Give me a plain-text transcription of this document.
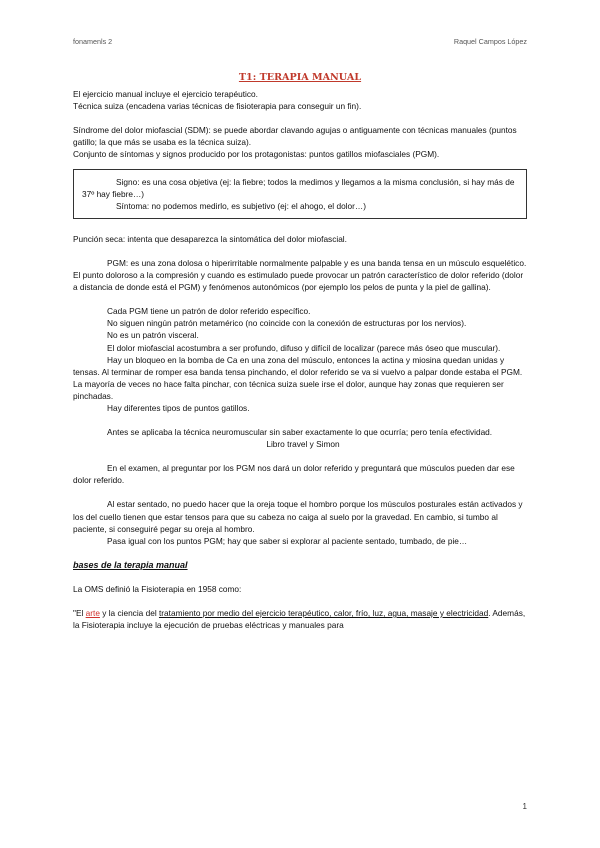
fonamenls 2	Raquel Campos López

T1: TERAPIA MANUAL

El ejercicio manual incluye el ejercicio terapéutico.

Técnica suiza (encadena varias técnicas de fisioterapia para conseguir un fin).

Síndrome del dolor miofascial (SDM): se puede abordar clavando agujas o antiguamente con técnicas manuales (puntos gatillo; la que más se usaba es la técnica suiza).

Conjunto de síntomas y signos producido por los protagonistas: puntos gatillos miofasciales (PGM).

Signo: es una cosa objetiva (ej: la fiebre; todos la medimos y llegamos a la misma conclusión, si hay más de 37º hay fiebre…)

Síntoma: no podemos medirlo, es subjetivo (ej: el ahogo, el dolor…)

Punción seca: intenta que desaparezca la sintomática del dolor miofascial.

PGM: es una zona dolosa o hiperirritable normalmente palpable y es una banda tensa en un músculo esquelético. El punto doloroso a la compresión y cuando es estimulado puede provocar un patrón característico de dolor referido (dolor a distancia de donde está el PGM) y fenómenos autonómicos (por ejemplo los pelos de punta y la piel de gallina).

Cada PGM tiene un patrón de dolor referido específico.

No siguen ningún patrón metamérico (no coincide con la conexión de estructuras por los nervios).

No es un patrón visceral.

El dolor miofascial acostumbra a ser profundo, difuso y difícil de localizar (parece más óseo que muscular).

Hay un bloqueo en la bomba de Ca en una zona del músculo, entonces la actina y miosina quedan unidas y tensas. Al terminar de romper esa banda tensa pinchando, el dolor referido se va si vuelvo a palpar donde estaba el PGM. La mayoría de veces no hace falta pinchar, con técnica suiza suele irse el dolor, aunque hay zonas que requieren ser pinchadas.

Hay diferentes tipos de puntos gatillos.

Antes se aplicaba la técnica neuromuscular sin saber exactamente lo que ocurría; pero tenía efectividad.

Libro travel y Simon

En el examen, al preguntar por los PGM nos dará un dolor referido y preguntará que músculos pueden dar ese dolor referido.

Al estar sentado, no puedo hacer que la oreja toque el hombro porque los músculos posturales están activados y los del cuello tienen que estar tensos para que su cabeza no caiga al suelo por la gravedad. En cambio, si tumbo al paciente, si conseguiré pegar su oreja al hombro.

Pasa igual con los puntos PGM; hay que saber si explorar al paciente sentado, tumbado, de pie…

bases de la terapia manual

La OMS definió la Fisioterapia en 1958 como:

"El arte y la ciencia del tratamiento por medio del ejercicio terapéutico, calor, frío, luz, agua, masaje y electricidad. Además, la Fisioterapia incluye la ejecución de pruebas eléctricas y manuales para

1
